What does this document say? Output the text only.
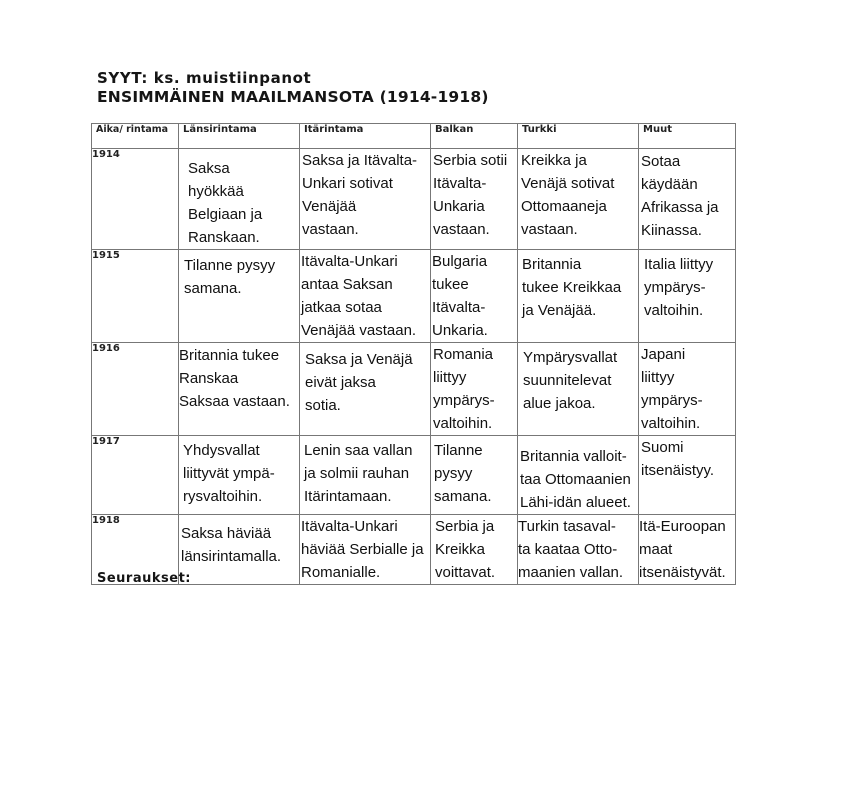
SYYT: ks. muistiinpanot
ENSIMMÄINEN MAAILMANSOTA (1914-1918)
Aika/ rintama	Länsirintama	Itärintama	Balkan	Turkki	Muut
1914	Saksa
hyökkää
Belgiaan ja
Ranskaan.	Saksa ja Itävalta-
Unkari sotivat
Venäjää
vastaan.	Serbia sotii
Itävalta-
Unkaria
vastaan.	Kreikka ja
Venäjä sotivat
Ottomaaneja
vastaan.	Sotaa
käydään
Afrikassa ja
Kiinassa.

1915	Tilanne pysyy
samana.	Itävalta-Unkari
antaa Saksan
jatkaa sotaa
Venäjää vastaan.	Bulgaria
tukee
Itävalta-
Unkaria.	Britannia
tukee Kreikkaa
ja Venäjää.	Italia liittyy
ympärys-
valtoihin.

1916	Britannia tukee
Ranskaa
Saksaa vastaan.	Saksa ja Venäjä
eivät jaksa
sotia.	Romania
liittyy
ympärys-
valtoihin.	Ympärysvallat
suunnitelevat
alue jakoa.	Japani
liittyy
ympärys-
valtoihin.

1917	Yhdysvallat
liittyvät ympä-
rysvaltoihin.	Lenin saa vallan
ja solmii rauhan
Itärintamaan.	Tilanne
pysyy
samana.	Britannia valloit-
taa Ottomaanien
Lähi-idän alueet.	Suomi
itsenäistyy.

1918	Saksa häviää
länsirintamalla.	Itävalta-Unkari
häviää Serbialle ja
Romanialle.	Serbia ja
Kreikka
voittavat.	Turkin tasaval-
ta kaataa Otto-
maanien vallan.	Itä-Euroopan
maat
itsenäistyvät.
Seuraukset:
